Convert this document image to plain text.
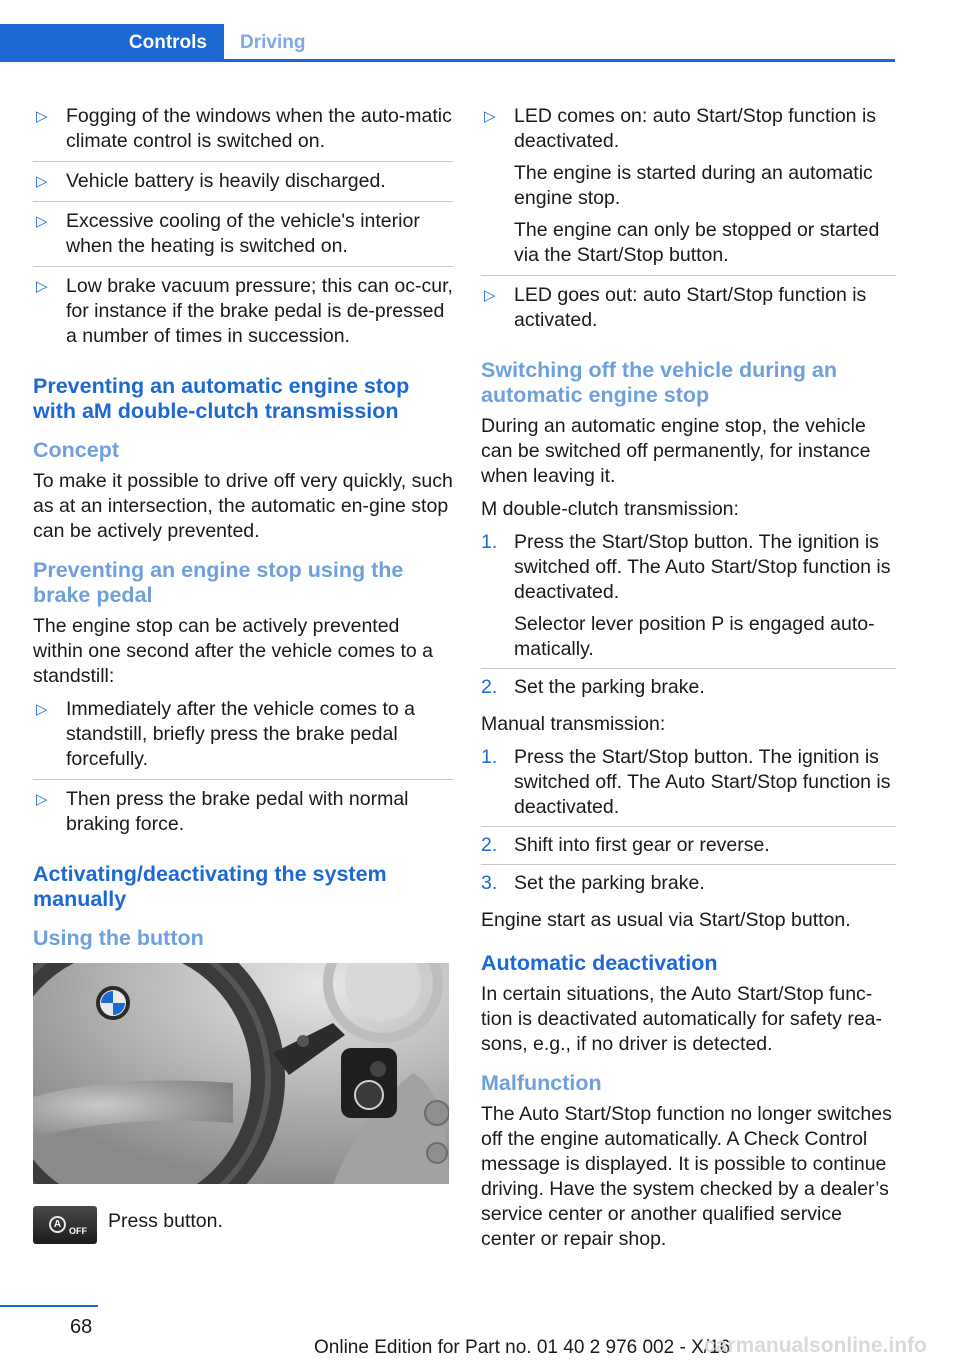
Controls	Driving
▷ Fogging of the windows when the auto‐matic climate control is switched on.

▷ Vehicle battery is heavily discharged.

▷ Excessive cooling of the vehicle's interior when the heating is switched on.

▷ Low brake vacuum pressure; this can oc‐cur, for instance if the brake pedal is de‐pressed a number of times in succession.

Preventing an automatic engine stop with aM double-clutch transmission
Concept
To make it possible to drive off very quickly, such as at an intersection, the automatic en‐gine stop can be actively prevented.
Preventing an engine stop using the brake pedal
The engine stop can be actively prevented within one second after the vehicle comes to a standstill:
▷ Immediately after the vehicle comes to a standstill, briefly press the brake pedal forcefully.

▷ Then press the brake pedal with normal braking force.

Activating/deactivating the system manually
Using the button
A
OFF Press button.
▷ LED comes on: auto Start/Stop function is deactivated.

The engine is started during an automatic engine stop.

The engine can only be stopped or started via the Start/Stop button.

▷ LED goes out: auto Start/Stop function is activated.

Switching off the vehicle during an automatic engine stop
During an automatic engine stop, the vehicle can be switched off permanently, for instance when leaving it.
M double-clutch transmission:
1. Press the Start/Stop button. The ignition is switched off. The Auto Start/Stop function is deactivated.

Selector lever position P is engaged auto‐matically.

2. Set the parking brake.

Manual transmission:
1. Press the Start/Stop button. The ignition is switched off. The Auto Start/Stop function is deactivated.

2. Shift into first gear or reverse.

3. Set the parking brake.

Engine start as usual via Start/Stop button.
Automatic deactivation
In certain situations, the Auto Start/Stop func‐tion is deactivated automatically for safety rea‐sons, e.g., if no driver is detected.
Malfunction
The Auto Start/Stop function no longer switches off the engine automatically. A Check Control message is displayed. It is possible to continue driving. Have the system checked by a dealer’s service center or another qualified service center or repair shop.
68
Online Edition for Part no. 01 40 2 976 002 - X/16
carmanualsonline.info
